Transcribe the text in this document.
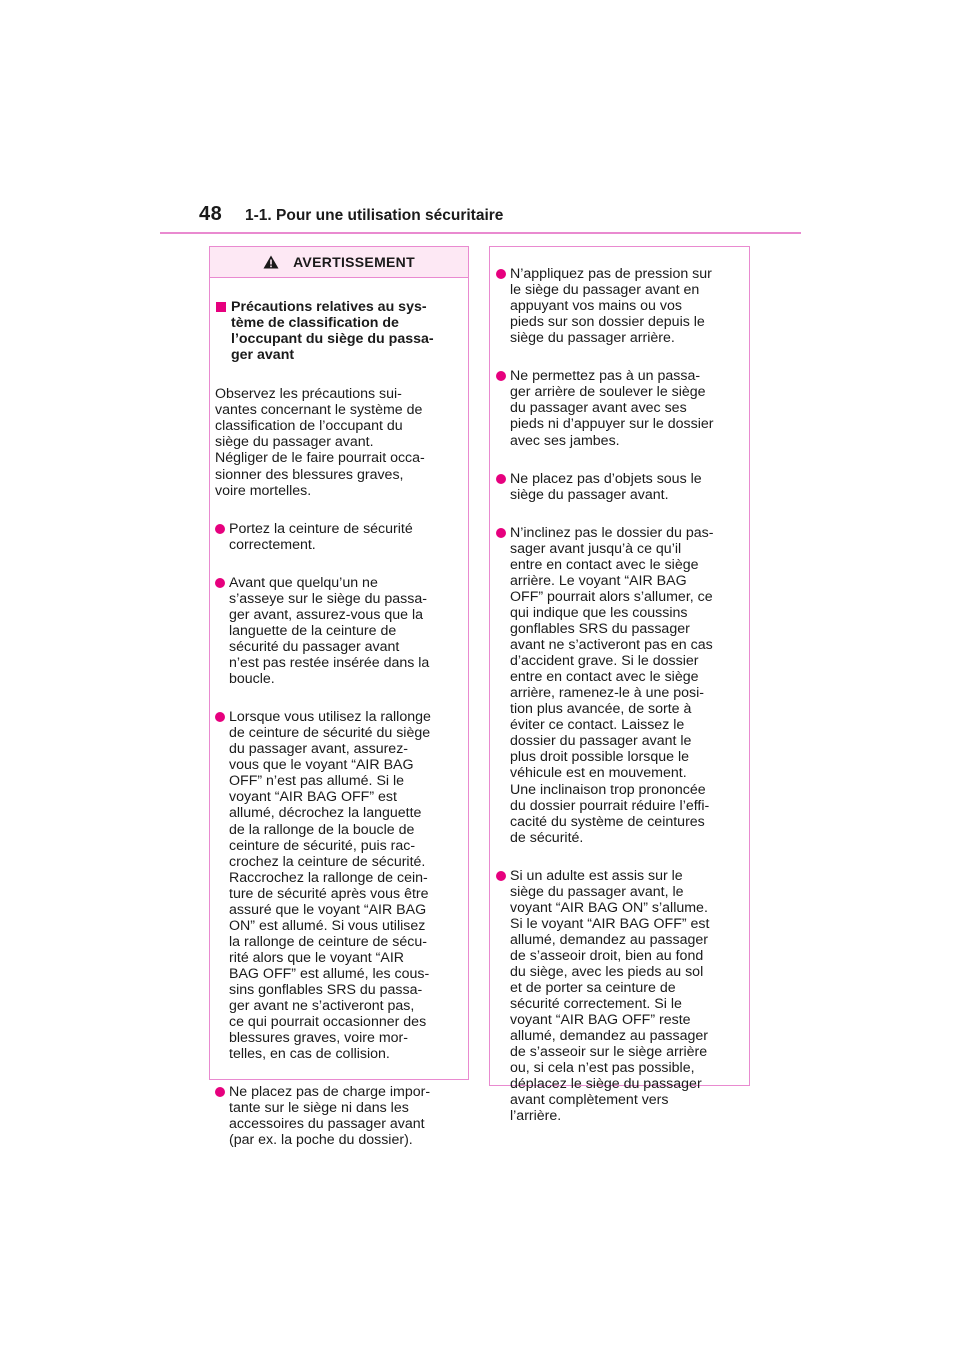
48 1-1. Pour une utilisation sécuritaire
AVERTISSEMENT

Précautions relatives au sys-
tème de classification de
l’occupant du siège du passa-
ger avant

Observez les précautions sui-
vantes concernant le système de
classification de l’occupant du
siège du passager avant.
Négliger de le faire pourrait occa-
sionner des blessures graves,
voire mortelles.

Portez la ceinture de sécurité
correctement.

Avant que quelqu’un ne
s’asseye sur le siège du passa-
ger avant, assurez-vous que la
languette de la ceinture de
sécurité du passager avant
n’est pas restée insérée dans la
boucle.

Lorsque vous utilisez la rallonge
de ceinture de sécurité du siège
du passager avant, assurez-
vous que le voyant “AIR BAG
OFF” n’est pas allumé. Si le
voyant “AIR BAG OFF” est
allumé, décrochez la languette
de la rallonge de la boucle de
ceinture de sécurité, puis rac-
crochez la ceinture de sécurité.
Raccrochez la rallonge de cein-
ture de sécurité après vous être
assuré que le voyant “AIR BAG
ON” est allumé. Si vous utilisez
la rallonge de ceinture de sécu-
rité alors que le voyant “AIR
BAG OFF” est allumé, les cous-
sins gonflables SRS du passa-
ger avant ne s’activeront pas,
ce qui pourrait occasionner des
blessures graves, voire mor-
telles, en cas de collision.

Ne placez pas de charge impor-
tante sur le siège ni dans les
accessoires du passager avant
(par ex. la poche du dossier).

N’appliquez pas de pression sur
le siège du passager avant en
appuyant vos mains ou vos
pieds sur son dossier depuis le
siège du passager arrière.

Ne permettez pas à un passa-
ger arrière de soulever le siège
du passager avant avec ses
pieds ni d’appuyer sur le dossier
avec ses jambes.

Ne placez pas d’objets sous le
siège du passager avant.

N’inclinez pas le dossier du pas-
sager avant jusqu’à ce qu’il
entre en contact avec le siège
arrière. Le voyant “AIR BAG
OFF” pourrait alors s’allumer, ce
qui indique que les coussins
gonflables SRS du passager
avant ne s’activeront pas en cas
d’accident grave. Si le dossier
entre en contact avec le siège
arrière, ramenez-le à une posi-
tion plus avancée, de sorte à
éviter ce contact. Laissez le
dossier du passager avant le
plus droit possible lorsque le
véhicule est en mouvement.
Une inclinaison trop prononcée
du dossier pourrait réduire l’effi-
cacité du système de ceintures
de sécurité.

Si un adulte est assis sur le
siège du passager avant, le
voyant “AIR BAG ON” s’allume.
Si le voyant “AIR BAG OFF” est
allumé, demandez au passager
de s’asseoir droit, bien au fond
du siège, avec les pieds au sol
et de porter sa ceinture de
sécurité correctement. Si le
voyant “AIR BAG OFF” reste
allumé, demandez au passager
de s’asseoir sur le siège arrière
ou, si cela n’est pas possible,
déplacez le siège du passager
avant complètement vers
l’arrière.
